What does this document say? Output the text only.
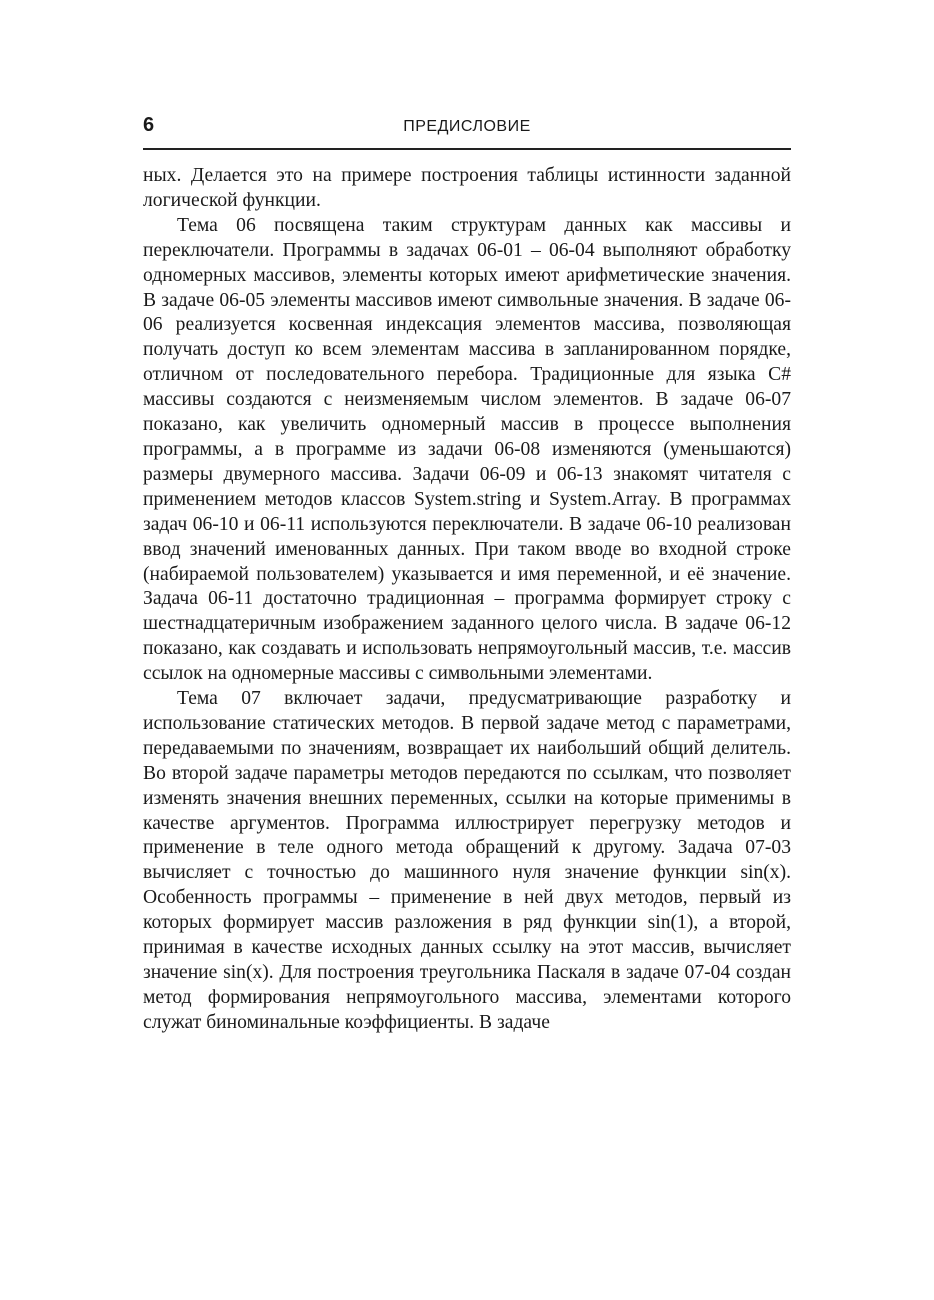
6	ПРЕДИСЛОВИЕ

ных. Делается это на примере построения таблицы истинности заданной логической функции.

Тема 06 посвящена таким структурам данных как массивы и переключатели. Программы в задачах 06-01 – 06-04 выполняют обработку одномерных массивов, элементы которых имеют арифметические значения. В задаче 06-05 элементы массивов имеют символьные значения. В задаче 06-06 реализуется косвенная индексация элементов массива, позволяющая получать доступ ко всем элементам массива в запланированном порядке, отличном от последовательного перебора. Традиционные для языка C# массивы создаются с неизменяемым числом элементов. В задаче 06-07 показано, как увеличить одномерный массив в процессе выполнения программы, а в программе из задачи 06-08 изменяются (уменьшаются) размеры двумерного массива. Задачи 06-09 и 06-13 знакомят читателя с применением методов классов System.string и System.Array. В программах задач 06-10 и 06-11 используются переключатели. В задаче 06-10 реализован ввод значений именованных данных. При таком вводе во входной строке (набираемой пользователем) указывается и имя переменной, и её значение. Задача 06-11 достаточно традиционная – программа формирует строку с шестнадцатеричным изображением заданного целого числа. В задаче 06-12 показано, как создавать и использовать непрямоугольный массив, т.е. массив ссылок на одномерные массивы с символьными элементами.

Тема 07 включает задачи, предусматривающие разработку и использование статических методов. В первой задаче метод с параметрами, передаваемыми по значениям, возвращает их наибольший общий делитель. Во второй задаче параметры методов передаются по ссылкам, что позволяет изменять значения внешних переменных, ссылки на которые применимы в качестве аргументов. Программа иллюстрирует перегрузку методов и применение в теле одного метода обращений к другому. Задача 07-03 вычисляет с точностью до машинного нуля значение функции sin(x). Особенность программы – применение в ней двух методов, первый из которых формирует массив разложения в ряд функции sin(1), а второй, принимая в качестве исходных данных ссылку на этот массив, вычисляет значение sin(x). Для построения треугольника Паскаля в задаче 07-04 создан метод формирования непрямоугольного массива, элементами которого служат биноминальные коэффициенты. В задаче
